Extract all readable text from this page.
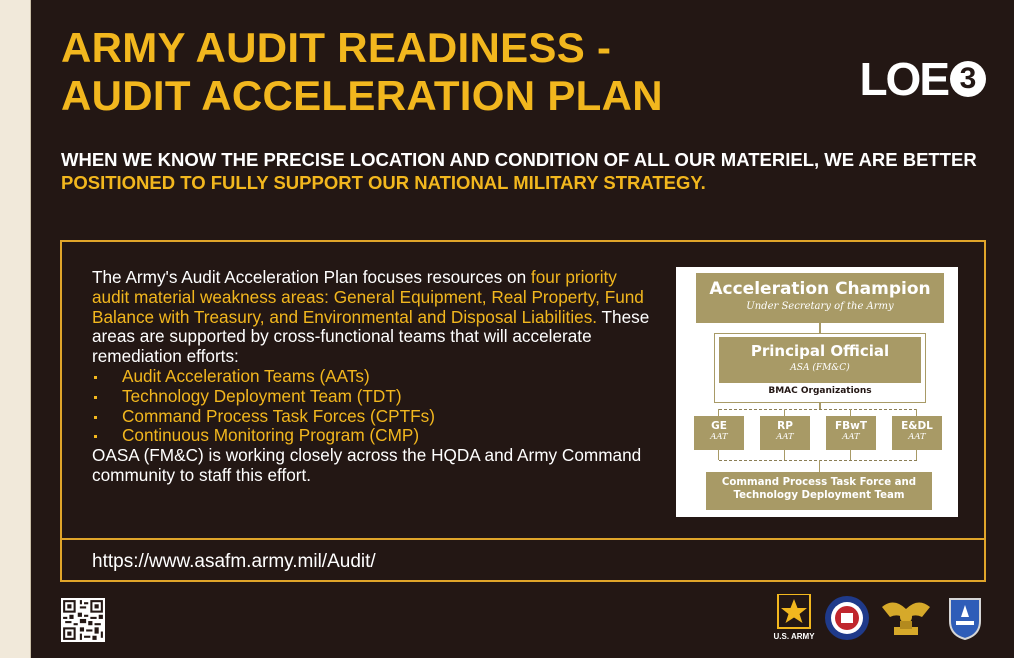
ARMY AUDIT READINESS -
AUDIT ACCELERATION PLAN	LOE 3

WHEN WE KNOW THE PRECISE LOCATION AND CONDITION OF ALL OUR MATERIEL, WE ARE BETTER POSITIONED TO FULLY SUPPORT OUR NATIONAL MILITARY STRATEGY.

The Army's Audit Acceleration Plan focuses resources on four priority audit material weakness areas: General Equipment, Real Property, Fund Balance with Treasury, and Environmental and Disposal Liabilities. These areas are supported by cross-functional teams that will accelerate remediation efforts:
Audit Acceleration Teams (AATs)
Technology Deployment Team (TDT)
Command Process Task Forces (CPTFs)
Continuous Monitoring Program (CMP)
OASA (FM&C) is working closely across the HQDA and Army Command community to staff this effort.
Acceleration Champion
Under Secretary of the Army
Principal Official
ASA (FM&C)
BMAC Organizations
GE
AAT
RP
AAT
FBwT
AAT
E&DL
AAT
Command Process Task Force and
Technology Deployment Team
https://www.asafm.army.mil/Audit/
U.S. ARMY
